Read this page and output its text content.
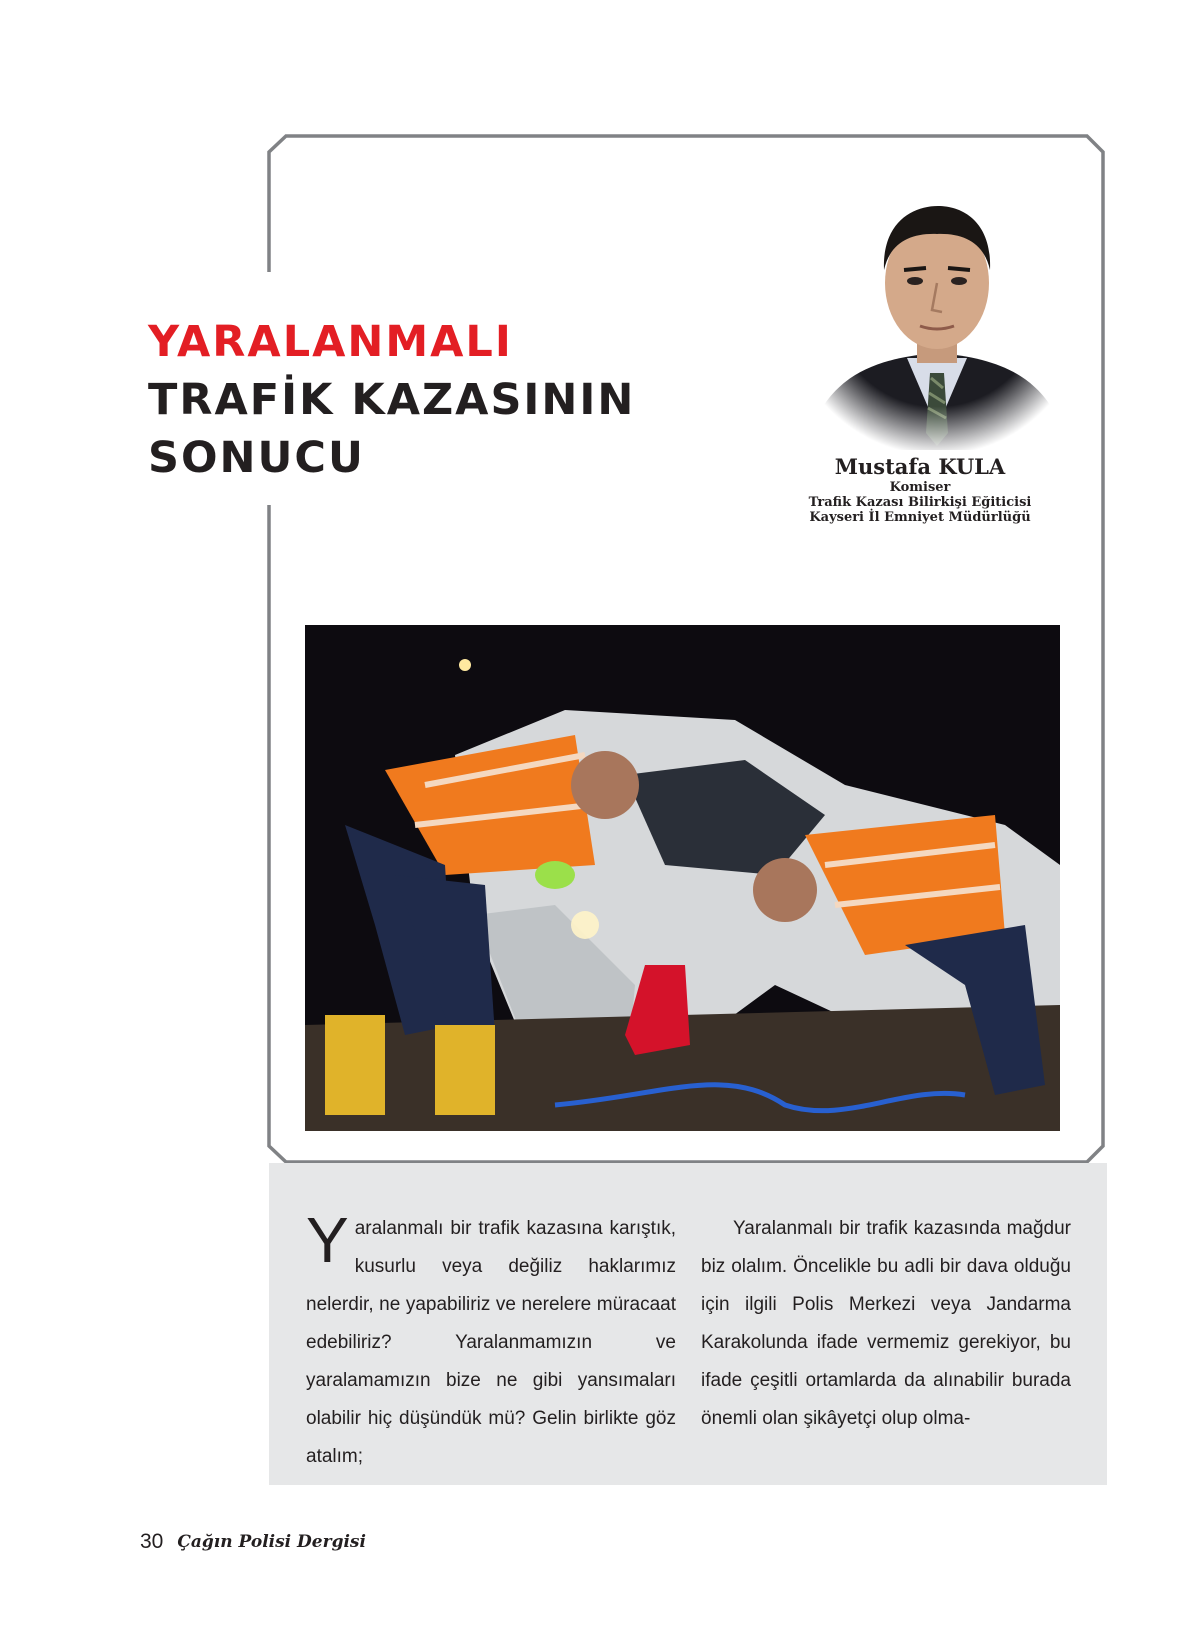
YARALANMALI
TRAFİK KAZASININ
SONUCU	Mustafa KULA
Komiser
Trafik Kazası Bilirkişi Eğiticisi
Kayseri İl Emniyet Müdürlüğü
Yaralanmalı bir trafik kazasına karıştık, kusurlu veya değiliz haklarımız nelerdir, ne yapabiliriz ve nerelere müracaat edebiliriz? Yaralanmamızın ve yaralamamızın bize ne gibi yansımaları olabilir hiç düşündük mü? Gelin birlikte göz atalım;
Yaralanmalı bir trafik kazasında mağdur biz olalım. Öncelikle bu adli bir dava olduğu için ilgili Polis Merkezi veya Jandarma Karakolunda ifade vermemiz gerekiyor, bu ifade çeşitli ortamlarda da alınabilir burada önemli olan şikâyetçi olup olma-
30 Çağın Polisi Dergisi
